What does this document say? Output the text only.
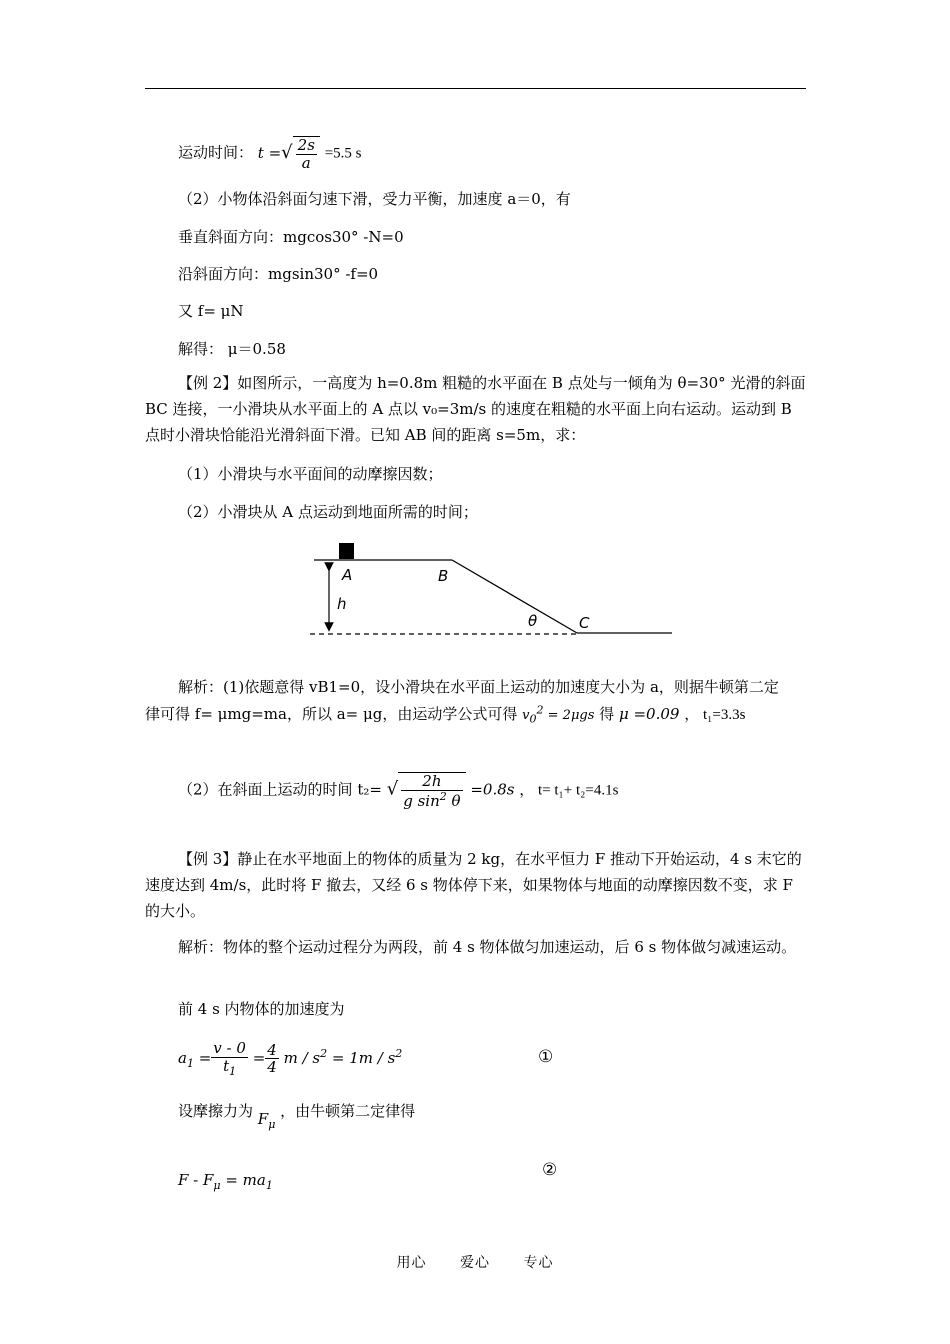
运动时间： t =√ $\frac{2s}{a} =5.5$ s
（2）小物体沿斜面匀速下滑，受力平衡，加速度 a＝0，有
垂直斜面方向：mgcos30° -N=0
沿斜面方向：mgsin30° -f=0
又 f= μN
解得： μ＝0.58
【例 2】如图所示，一高度为 h=0.8m 粗糙的水平面在 B 点处与一倾角为 θ=30° 光滑的斜面 BC 连接，一小滑块从水平面上的 A 点以 v₀=3m/s 的速度在粗糙的水平面上向右运动。运动到 B 点时小滑块恰能沿光滑斜面下滑。已知 AB 间的距离 s=5m，求：
（1）小滑块与水平面间的动摩擦因数；
（2）小滑块从 A 点运动到地面所需的时间；
A	B
C
h
θ
解析：(1)依题意得 vB1=0，设小滑块在水平面上运动的加速度大小为 a，则据牛顿第二定
律可得 f= μmg=ma，所以 a= μg，由运动学公式可得 $v_0^2 = 2\mu gs$ 得 μ =0.09 ， t₁=3.3s
（2）在斜面上运动的时间 t₂= √ $\frac{2h}{g \sin^2 \theta} =0.8s$ ， t= t₁+ t₂=4.1s
【例 3】静止在水平地面上的物体的质量为 2 kg，在水平恒力 F 推动下开始运动，4 s 末它的速度达到 4m/s，此时将 F 撤去，又经 6 s 物体停下来，如果物体与地面的动摩擦因数不变，求 F 的大小。
解析：物体的整个运动过程分为两段，前 4 s 物体做匀加速运动，后 6 s 物体做匀减速运动。
前 4 s 内物体的加速度为
$a_1 = \frac{v - 0}{t_1} = \frac{4}{4}$ $m / s^2 = 1m / s^2$	①
设摩擦力为 $F_\mu$ ，由牛顿第二定律得
②
$F - F_\mu = ma_1$
用心 爱心 专心
